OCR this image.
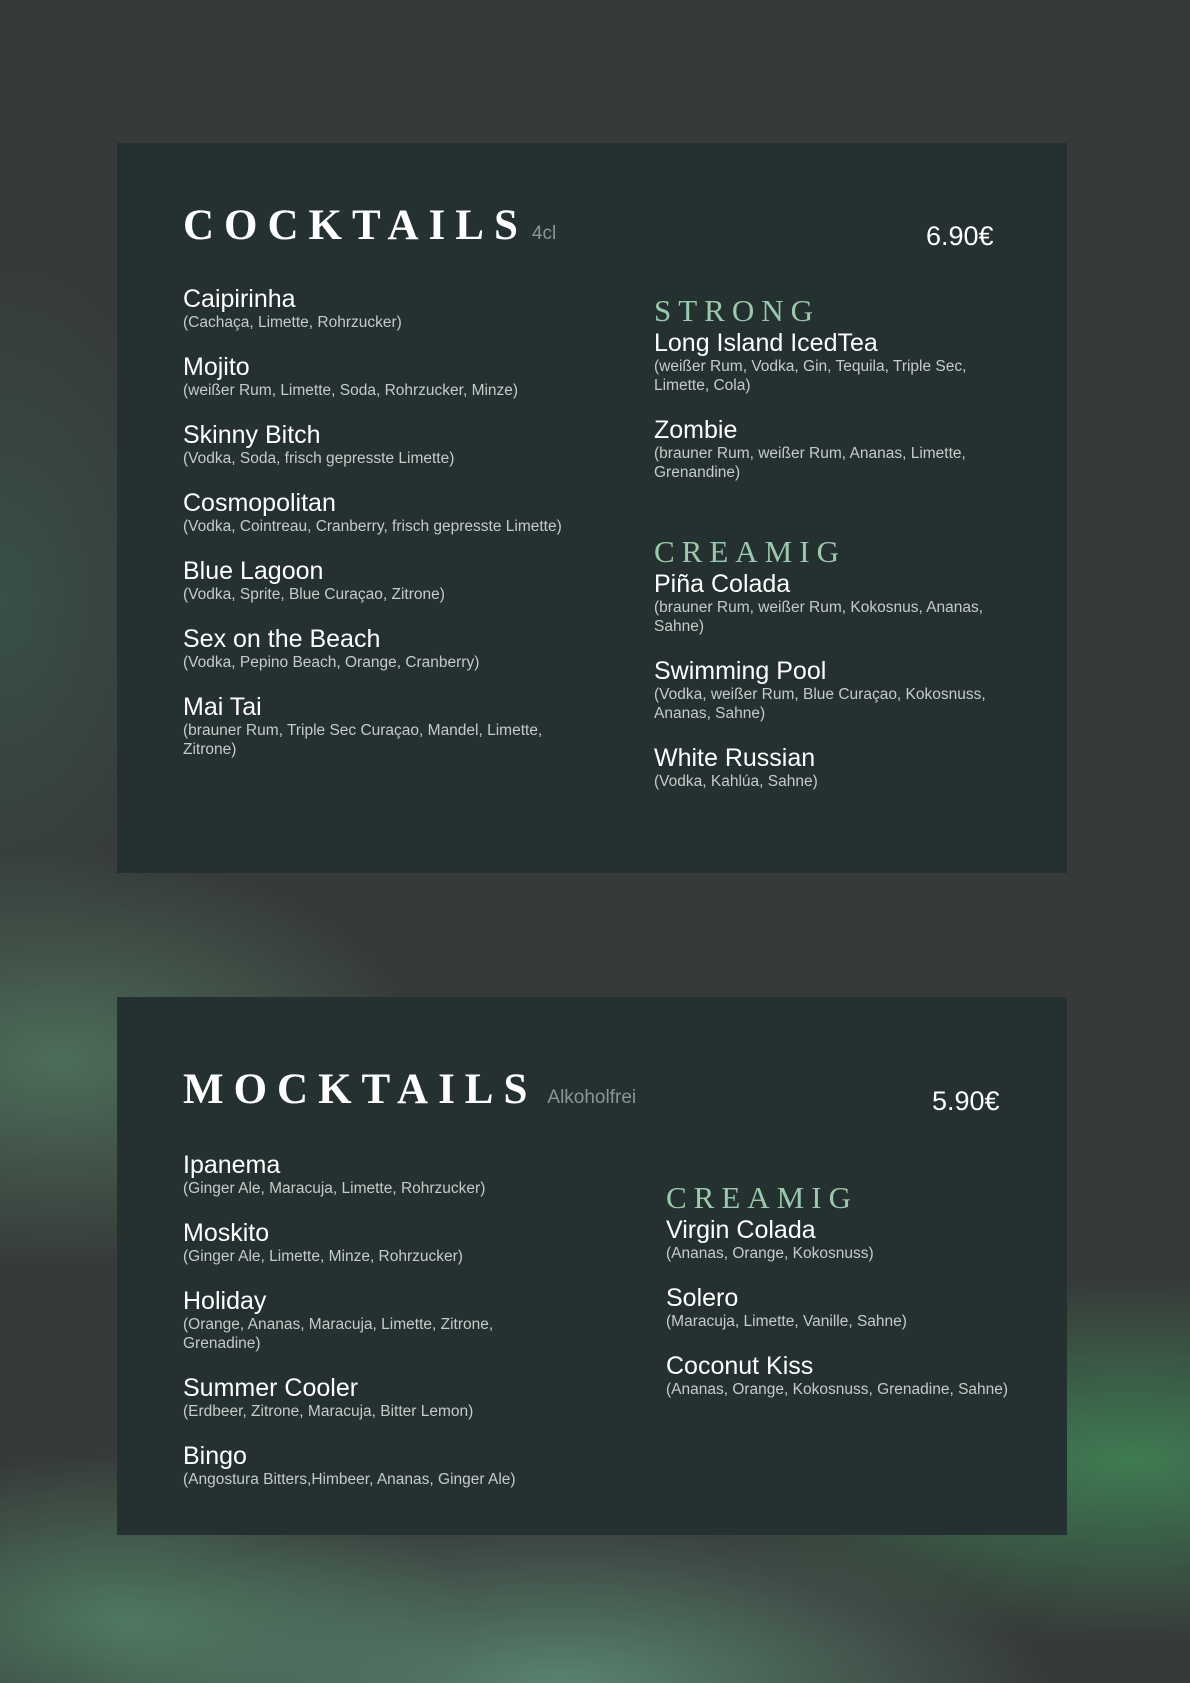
COCKTAILS 4cl	6.90€
Caipirinha
(Cachaça, Limette, Rohrzucker)
Mojito
(weißer Rum, Limette, Soda, Rohrzucker, Minze)
Skinny Bitch
(Vodka, Soda, frisch gepresste Limette)
Cosmopolitan
(Vodka, Cointreau, Cranberry, frisch gepresste Limette)
Blue Lagoon
(Vodka, Sprite, Blue Curaçao, Zitrone)
Sex on the Beach
(Vodka, Pepino Beach, Orange, Cranberry)
Mai Tai
(brauner Rum, Triple Sec Curaçao, Mandel, Limette, Zitrone)
STRONG
Long Island IcedTea
(weißer Rum, Vodka, Gin, Tequila, Triple Sec, Limette, Cola)
Zombie
(brauner Rum, weißer Rum, Ananas, Limette, Grenandine)
CREAMIG
Piña Colada
(brauner Rum, weißer Rum, Kokosnus, Ananas, Sahne)
Swimming Pool
(Vodka, weißer Rum, Blue Curaçao, Kokosnuss, Ananas, Sahne)
White Russian
(Vodka, Kahlúa, Sahne)
MOCKTAILS Alkoholfrei	5.90€
Ipanema
(Ginger Ale, Maracuja, Limette, Rohrzucker)
Moskito
(Ginger Ale, Limette, Minze, Rohrzucker)
Holiday
(Orange, Ananas, Maracuja, Limette, Zitrone, Grenadine)
Summer Cooler
(Erdbeer, Zitrone, Maracuja, Bitter Lemon)
Bingo
(Angostura Bitters,Himbeer, Ananas, Ginger Ale)
CREAMIG
Virgin Colada
(Ananas, Orange, Kokosnuss)
Solero
(Maracuja, Limette, Vanille, Sahne)
Coconut Kiss
(Ananas, Orange, Kokosnuss, Grenadine, Sahne)
